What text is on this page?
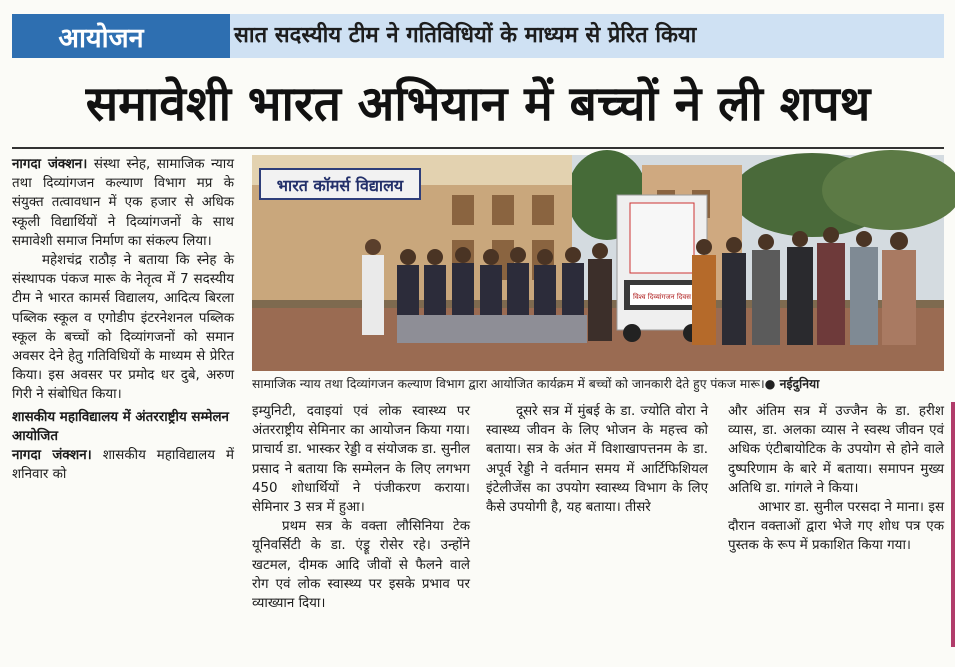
आयोजन	सात सदस्यीय टीम ने गतिविधियों के माध्यम से प्रेरित किया
समावेशी भारत अभियान में बच्चों ने ली शपथ

नागदा जंक्शन। संस्था स्नेह, सामाजिक न्याय तथा दिव्यांगजन कल्याण विभाग मप्र के संयुक्त तत्वावधान में एक हजार से अधिक स्कूली विद्यार्थियों ने दिव्यांगजनों के साथ समावेशी समाज निर्माण का संकल्प लिया।

महेशचंद्र राठौड़ ने बताया कि स्नेह के संस्थापक पंकज मारू के नेतृत्व में 7 सदस्यीय टीम ने भारत कामर्स विद्यालय, आदित्य बिरला पब्लिक स्कूल व एगोडीप इंटरनेशनल पब्लिक स्कूल के बच्चों को दिव्यांगजनों को समान अवसर देने हेतु गतिविधियों के माध्यम से प्रेरित किया। इस अवसर पर प्रमोद धर दुबे, अरुण गिरी ने संबोधित किया।

शासकीय महाविद्यालय में अंतरराष्ट्रीय सम्मेलन आयोजित

नागदा जंक्शन। शासकीय महाविद्यालय में शनिवार को

भारत कॉमर्स विद्यालय
विश्व दिव्यांगजन दिवस
सामाजिक न्याय तथा दिव्यांगजन कल्याण विभाग द्वारा आयोजित कार्यक्रम में बच्चों को जानकारी देते हुए पंकज मारू।● नईदुनिया

इम्युनिटी, दवाइयां एवं लोक स्वास्थ्य पर अंतरराष्ट्रीय सेमिनार का आयोजन किया गया। प्राचार्य डा. भास्कर रेड्डी व संयोजक डा. सुनील प्रसाद ने बताया कि सम्मेलन के लिए लगभग 450 शोधार्थियों ने पंजीकरण कराया। सेमिनार 3 सत्र में हुआ।

प्रथम सत्र के वक्ता लौसिनिया टेक यूनिवर्सिटी के डा. एंड्रू रोसेर रहे। उन्होंने खटमल, दीमक आदि जीवों से फैलने वाले रोग एवं लोक स्वास्थ्य पर इसके प्रभाव पर व्याख्यान दिया।

दूसरे सत्र में मुंबई के डा. ज्योति वोरा ने स्वास्थ्य जीवन के लिए भोजन के महत्त्व को बताया। सत्र के अंत में विशाखापत्तनम के डा. अपूर्व रेड्डी ने वर्तमान समय में आर्टिफिशियल इंटेलीजेंस का उपयोग स्वास्थ्य विभाग के लिए कैसे उपयोगी है, यह बताया। तीसरे

और अंतिम सत्र में उज्जैन के डा. हरीश व्यास, डा. अलका व्यास ने स्वस्थ जीवन एवं अधिक एंटीबायोटिक के उपयोग से होने वाले दुष्परिणाम के बारे में बताया। समापन मुख्य अतिथि डा. गांगले ने किया।

आभार डा. सुनील परसदा ने माना। इस दौरान वक्ताओं द्वारा भेजे गए शोध पत्र एक पुस्तक के रूप में प्रकाशित किया गया।
